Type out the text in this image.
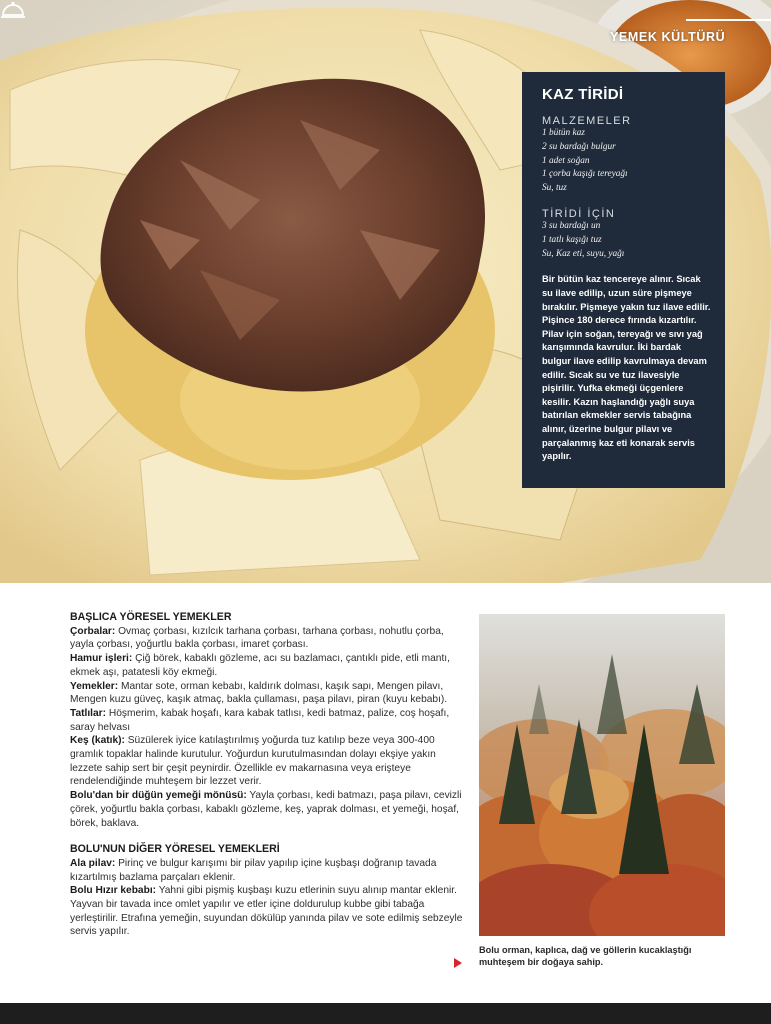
YEMEK KÜLTÜRÜ
KAZ TİRİDİ
MALZEMELER
1 bütün kaz
2 su bardağı bulgur
1 adet soğan
1 çorba kaşığı tereyağı
Su, tuz
TİRİDİ İÇİN
3 su bardağı un
1 tatlı kaşığı tuz
Su, Kaz eti, suyu, yağı
Bir bütün kaz tencereye alınır. Sıcak su ilave edilip, uzun süre pişmeye bırakılır. Pişmeye yakın tuz ilave edilir. Pişince 180 derece fırında kızartılır. Pilav için soğan, tereyağı ve sıvı yağ karışımında kavrulur. İki bardak bulgur ilave edilip kavrulmaya devam edilir. Sıcak su ve tuz ilavesiyle pişirilir. Yufka ekmeği üçgenlere kesilir. Kazın haşlandığı yağlı suya batırılan ekmekler servis tabağına alınır, üzerine bulgur pilavı ve parçalanmış kaz eti konarak servis yapılır.
BAŞLICA YÖRESEL YEMEKLER

Çorbalar: Ovmaç çorbası, kızılcık tarhana çorbası, tarhana çorbası, nohutlu çorba, yayla çorbası, yoğurtlu bakla çorbası, imaret çorbası.

Hamur işleri: Çiğ börek, kabaklı gözleme, acı su bazlamacı, çantıklı pide, etli mantı, ekmek aşı, patatesli köy ekmeği.

Yemekler: Mantar sote, orman kebabı, kaldırık dolması, kaşık sapı, Mengen pilavı, Mengen kuzu güveç, kaşık atmaç, bakla çullaması, paşa pilavı, piran (kuyu kebabı).

Tatlılar: Höşmerim, kabak hoşafı, kara kabak tatlısı, kedi batmaz, palize, coş hoşafı, saray helvası

Keş (katık): Süzülerek iyice katılaştırılmış yoğurda tuz katılıp beze veya 300-400 gramlık topaklar halinde kurutulur. Yoğurdun kurutulmasından dolayı ekşiye yakın lezzete sahip sert bir çeşit peynirdir. Özellikle ev makarnasına veya erişteye rendelendiğinde muhteşem bir lezzet verir.

Bolu'dan bir düğün yemeği mönüsü: Yayla çorbası, kedi batmazı, paşa pilavı, cevizli çörek, yoğurtlu bakla çorbası, kabaklı gözleme, keş, yaprak dolması, et yemeği, hoşaf, börek, baklava.

BOLU'NUN DİĞER YÖRESEL YEMEKLERİ

Ala pilav: Pirinç ve bulgur karışımı bir pilav yapılıp içine kuşbaşı doğranıp tavada kızartılmış bazlama parçaları eklenir.

Bolu Hızır kebabı: Yahni gibi pişmiş kuşbaşı kuzu etlerinin suyu alınıp mantar eklenir. Yayvan bir tavada ince omlet yapılır ve etler içine doldurulup kubbe gibi tabağa yerleştirilir. Etrafına yemeğin, suyundan dökülüp yanında pilav ve sote edilmiş sebzeyle servis yapılır.

Bolu orman, kaplıca, dağ ve göllerin kucaklaştığı muhteşem bir doğaya sahip.
